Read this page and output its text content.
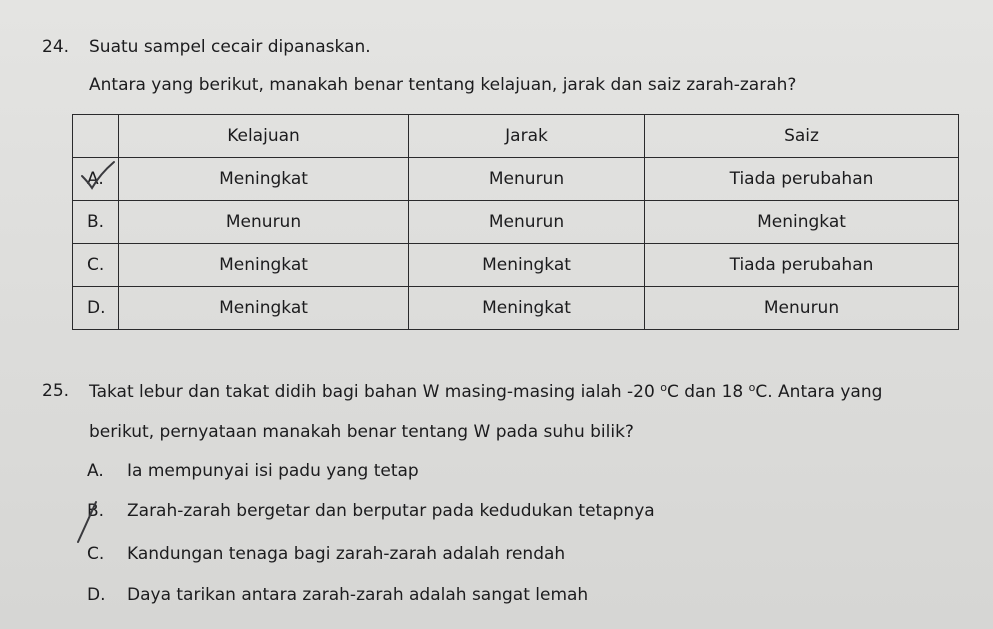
24. Suatu sampel cecair dipanaskan.
Antara yang berikut, manakah benar tentang kelajuan, jarak dan saiz zarah-zarah?
	Kelajuan	Jarak	Saiz
A.	Meningkat	Menurun	Tiada perubahan
B.	Menurun	Menurun	Meningkat
C.	Meningkat	Meningkat	Tiada perubahan
D.	Meningkat	Meningkat	Menurun
25. Takat lebur dan takat didih bagi bahan W masing-masing ialah -20 $^o$C dan 18 $^o$C. Antara yang
berikut, pernyataan manakah benar tentang W pada suhu bilik?
A. Ia mempunyai isi padu yang tetap
B. Zarah-zarah bergetar dan berputar pada kedudukan tetapnya
C. Kandungan tenaga bagi zarah-zarah adalah rendah
D. Daya tarikan antara zarah-zarah adalah sangat lemah
